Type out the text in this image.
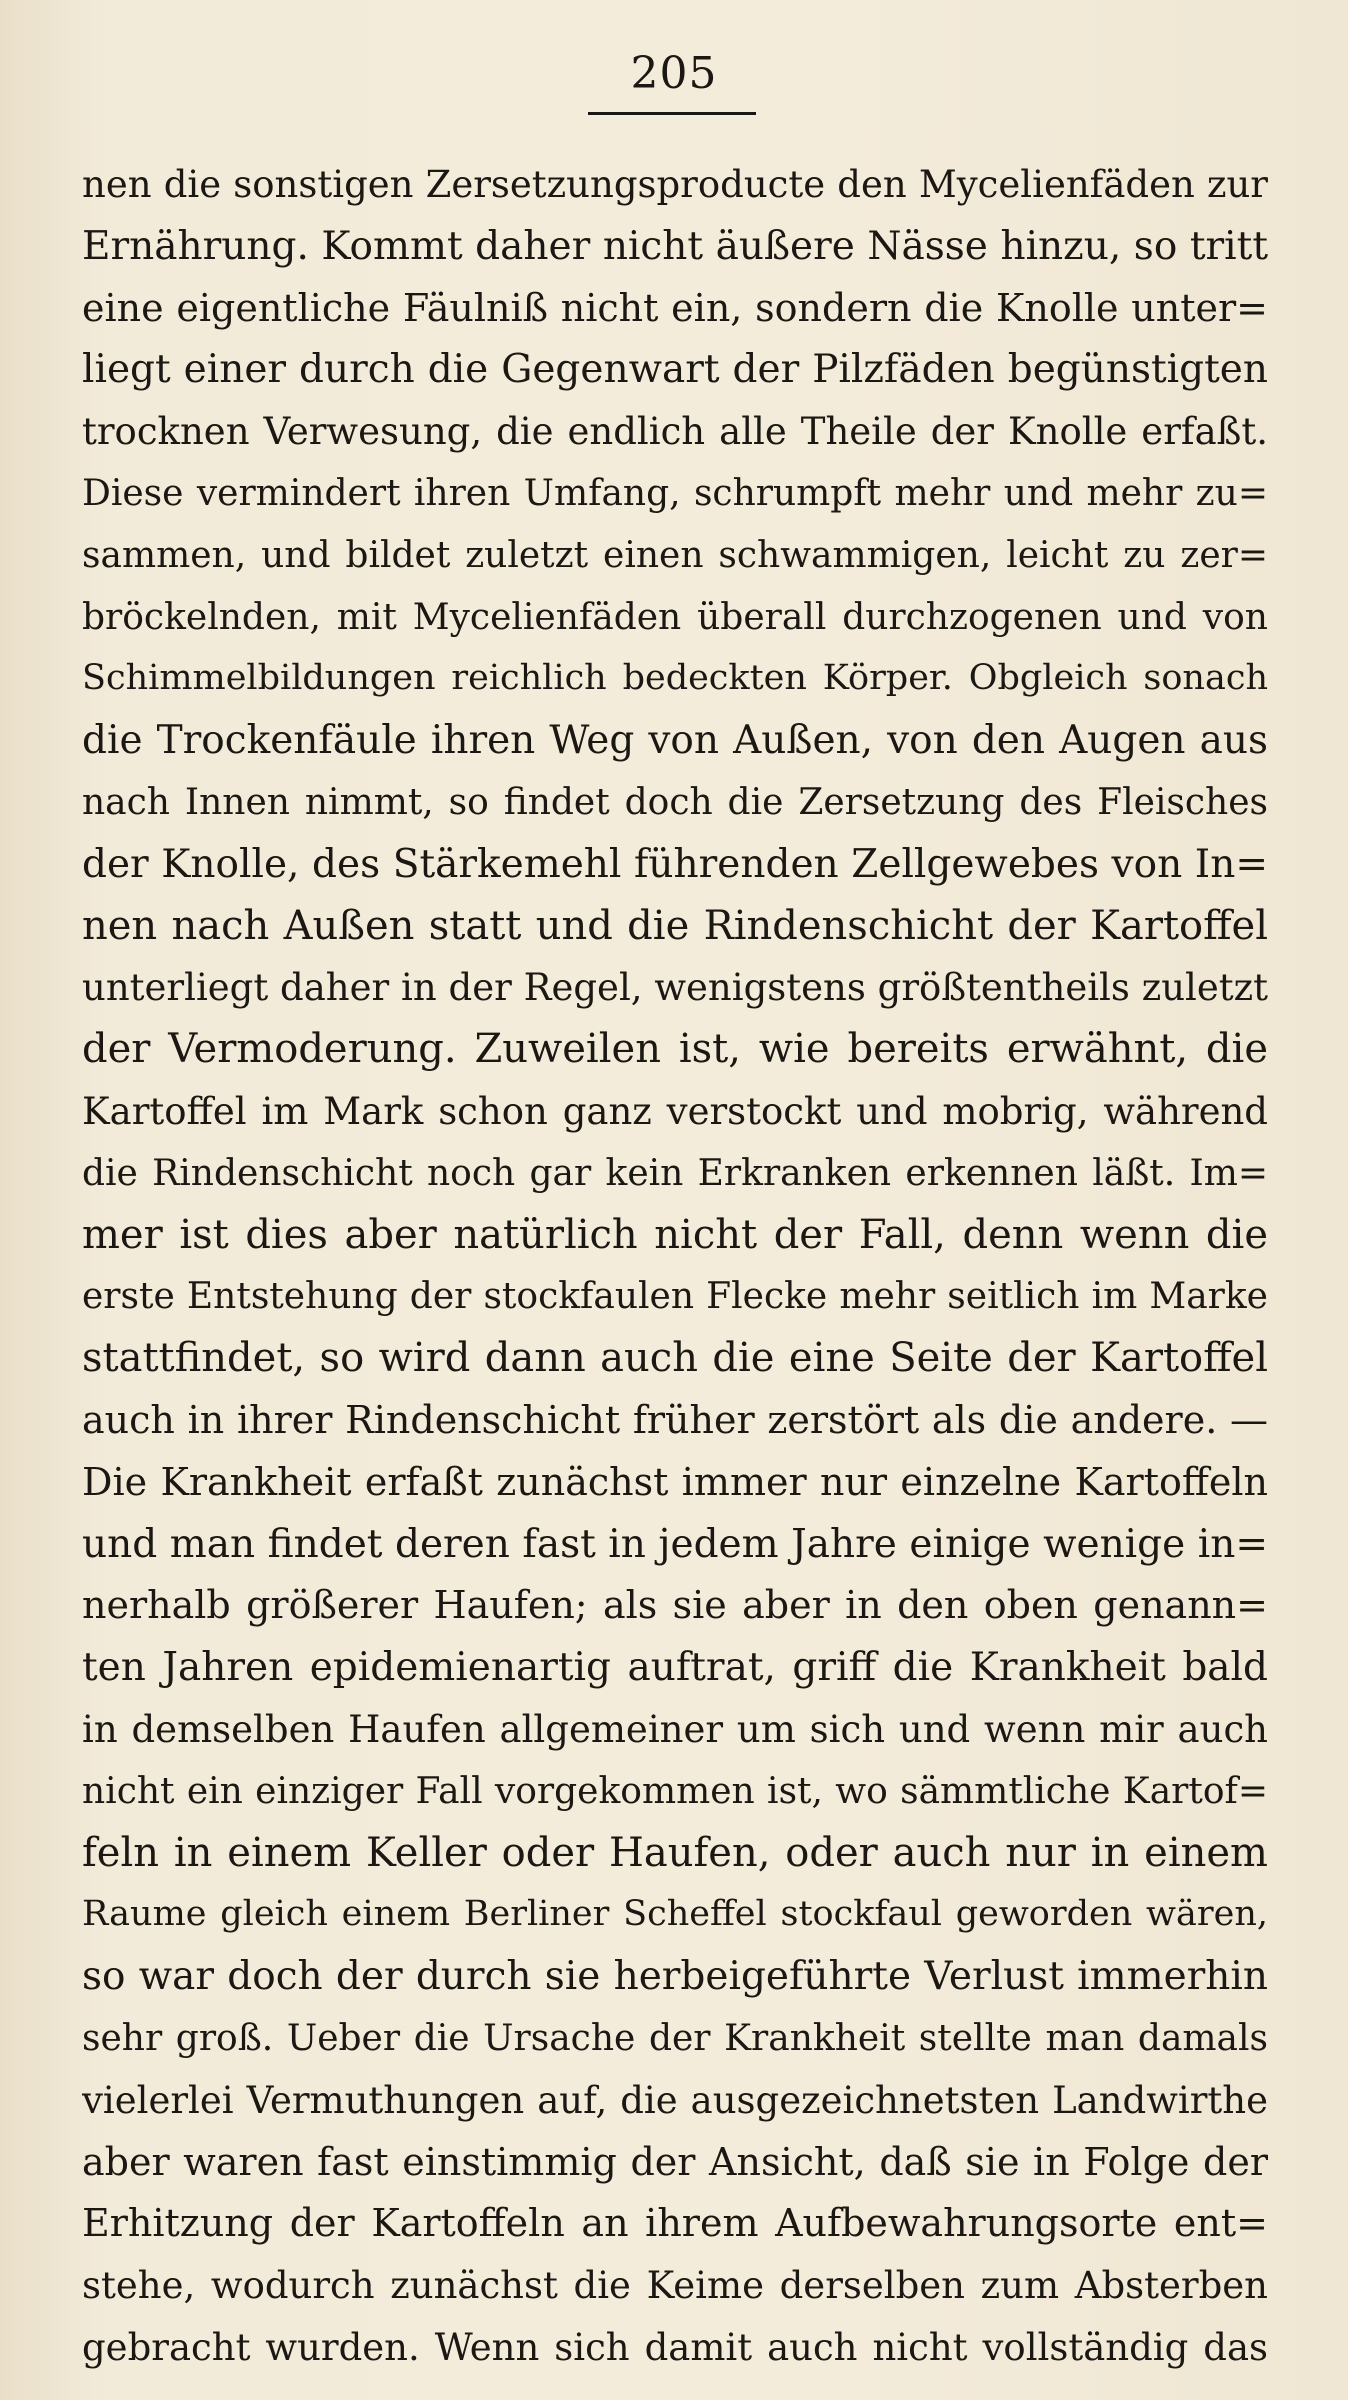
205
nen die sonstigen Zersetzungsproducte den Mycelienfäden zur
Ernährung. Kommt daher nicht äußere Nässe hinzu, so tritt
eine eigentliche Fäulniß nicht ein, sondern die Knolle unter=
liegt einer durch die Gegenwart der Pilzfäden begünstigten
trocknen Verwesung, die endlich alle Theile der Knolle erfaßt.
Diese vermindert ihren Umfang, schrumpft mehr und mehr zu=
sammen, und bildet zuletzt einen schwammigen, leicht zu zer=
bröckelnden, mit Mycelienfäden überall durchzogenen und von
Schimmelbildungen reichlich bedeckten Körper. Obgleich sonach
die Trockenfäule ihren Weg von Außen, von den Augen aus
nach Innen nimmt, so findet doch die Zersetzung des Fleisches
der Knolle, des Stärkemehl führenden Zellgewebes von In=
nen nach Außen statt und die Rindenschicht der Kartoffel
unterliegt daher in der Regel, wenigstens größtentheils zuletzt
der Vermoderung. Zuweilen ist, wie bereits erwähnt, die
Kartoffel im Mark schon ganz verstockt und mobrig, während
die Rindenschicht noch gar kein Erkranken erkennen läßt. Im=
mer ist dies aber natürlich nicht der Fall, denn wenn die
erste Entstehung der stockfaulen Flecke mehr seitlich im Marke
stattfindet, so wird dann auch die eine Seite der Kartoffel
auch in ihrer Rindenschicht früher zerstört als die andere. —
Die Krankheit erfaßt zunächst immer nur einzelne Kartoffeln
und man findet deren fast in jedem Jahre einige wenige in=
nerhalb größerer Haufen; als sie aber in den oben genann=
ten Jahren epidemienartig auftrat, griff die Krankheit bald
in demselben Haufen allgemeiner um sich und wenn mir auch
nicht ein einziger Fall vorgekommen ist, wo sämmtliche Kartof=
feln in einem Keller oder Haufen, oder auch nur in einem
Raume gleich einem Berliner Scheffel stockfaul geworden wären,
so war doch der durch sie herbeigeführte Verlust immerhin
sehr groß. Ueber die Ursache der Krankheit stellte man damals
vielerlei Vermuthungen auf, die ausgezeichnetsten Landwirthe
aber waren fast einstimmig der Ansicht, daß sie in Folge der
Erhitzung der Kartoffeln an ihrem Aufbewahrungsorte ent=
stehe, wodurch zunächst die Keime derselben zum Absterben
gebracht wurden. Wenn sich damit auch nicht vollständig das
